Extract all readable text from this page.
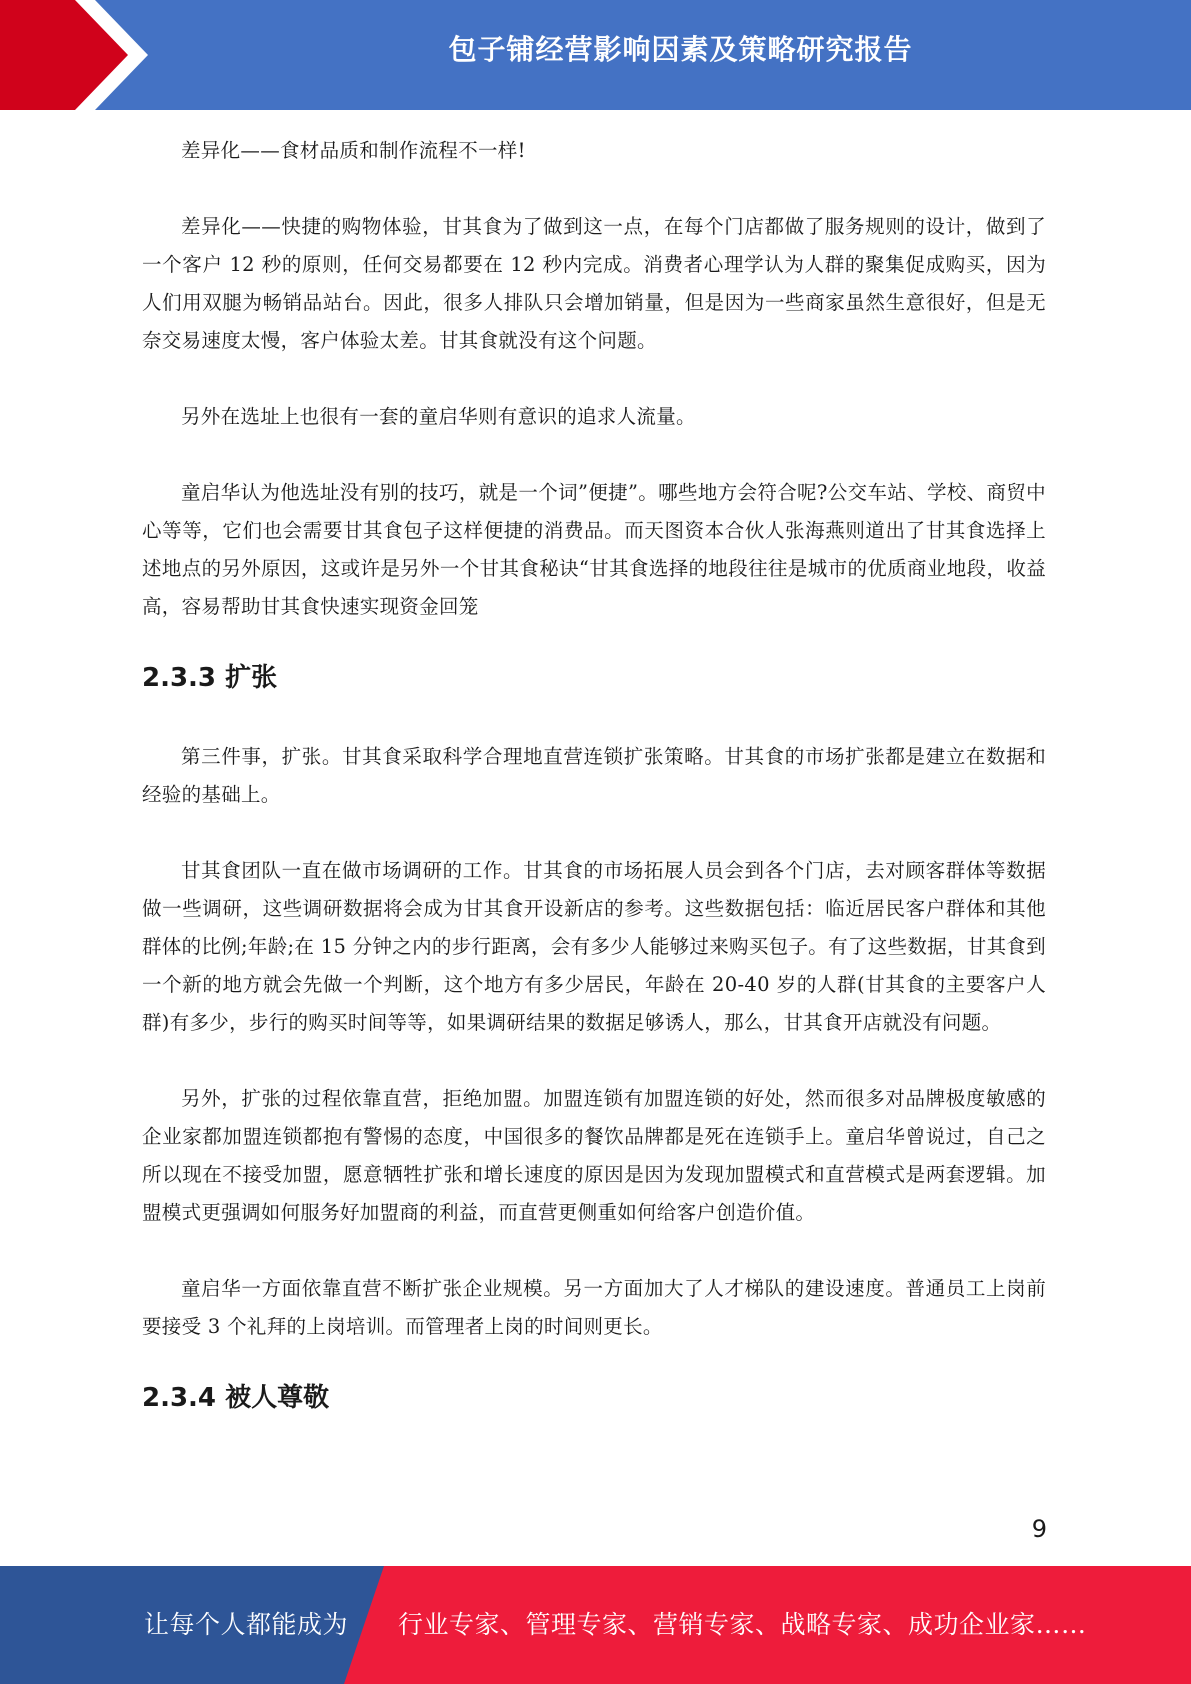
包子铺经营影响因素及策略研究报告

差异化——食材品质和制作流程不一样!

差异化——快捷的购物体验，甘其食为了做到这一点，在每个门店都做了服务规则的设计，做到了一个客户 12 秒的原则，任何交易都要在 12 秒内完成。消费者心理学认为人群的聚集促成购买，因为人们用双腿为畅销品站台。因此，很多人排队只会增加销量，但是因为一些商家虽然生意很好，但是无奈交易速度太慢，客户体验太差。甘其食就没有这个问题。

另外在选址上也很有一套的童启华则有意识的追求人流量。

童启华认为他选址没有别的技巧，就是一个词”便捷”。哪些地方会符合呢?公交车站、学校、商贸中心等等，它们也会需要甘其食包子这样便捷的消费品。而天图资本合伙人张海燕则道出了甘其食选择上述地点的另外原因，这或许是另外一个甘其食秘诀“甘其食选择的地段往往是城市的优质商业地段，收益高，容易帮助甘其食快速实现资金回笼

2.3.3 扩张

第三件事，扩张。甘其食采取科学合理地直营连锁扩张策略。甘其食的市场扩张都是建立在数据和经验的基础上。

甘其食团队一直在做市场调研的工作。甘其食的市场拓展人员会到各个门店，去对顾客群体等数据做一些调研，这些调研数据将会成为甘其食开设新店的参考。这些数据包括：临近居民客户群体和其他群体的比例;年龄;在 15 分钟之内的步行距离，会有多少人能够过来购买包子。有了这些数据，甘其食到一个新的地方就会先做一个判断，这个地方有多少居民，年龄在 20-40 岁的人群(甘其食的主要客户人群)有多少，步行的购买时间等等，如果调研结果的数据足够诱人，那么，甘其食开店就没有问题。

另外，扩张的过程依靠直营，拒绝加盟。加盟连锁有加盟连锁的好处，然而很多对品牌极度敏感的企业家都加盟连锁都抱有警惕的态度，中国很多的餐饮品牌都是死在连锁手上。童启华曾说过，自己之所以现在不接受加盟，愿意牺牲扩张和增长速度的原因是因为发现加盟模式和直营模式是两套逻辑。加盟模式更强调如何服务好加盟商的利益，而直营更侧重如何给客户创造价值。

童启华一方面依靠直营不断扩张企业规模。另一方面加大了人才梯队的建设速度。普通员工上岗前要接受 3 个礼拜的上岗培训。而管理者上岗的时间则更长。

2.3.4 被人尊敬
9
让每个人都能成为 行业专家、管理专家、营销专家、战略专家、成功企业家……
